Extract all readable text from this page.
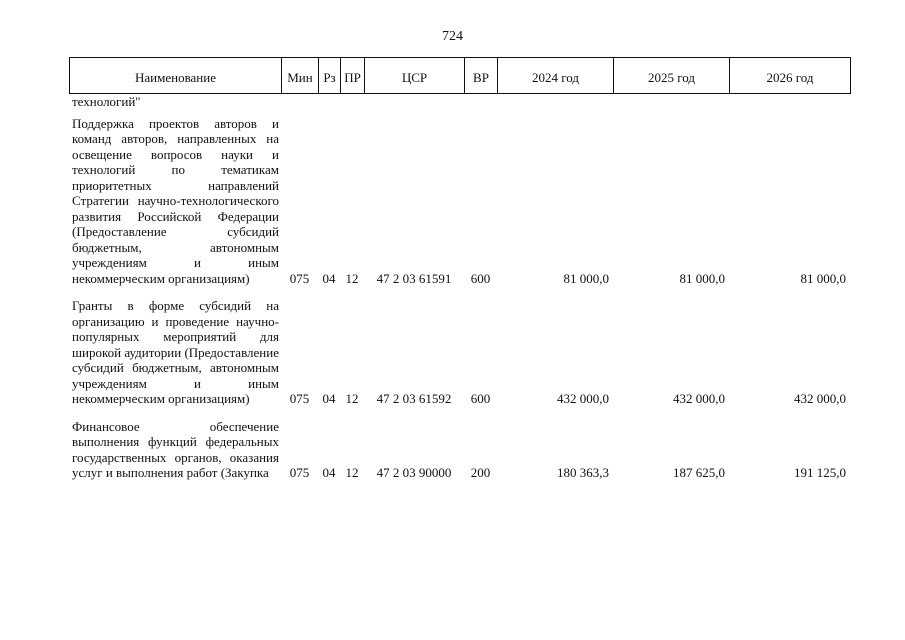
724
Наименование	Мин	Рз	ПР	ЦСР	ВР	2024 год	2025 год	2026 год
технологий"								
Поддержка проектов авторов и команд авторов, направленных на освещение вопросов науки и технологий по тематикам приоритетных направлений Стратегии научно-технологического развития Российской Федерации (Предоставление субсидий бюджетным, автономным учреждениям и иным некоммерческим организациям)	075	04	12	47 2 03 61591	600	81 000,0	81 000,0	81 000,0
Гранты в форме субсидий на организацию и проведение научно-популярных мероприятий для широкой аудитории (Предоставление субсидий бюджетным, автономным учреждениям и иным некоммерческим организациям)	075	04	12	47 2 03 61592	600	432 000,0	432 000,0	432 000,0
Финансовое обеспечение выполнения функций федеральных государственных органов, оказания услуг и выполнения работ (Закупка	075	04	12	47 2 03 90000	200	180 363,3	187 625,0	191 125,0
